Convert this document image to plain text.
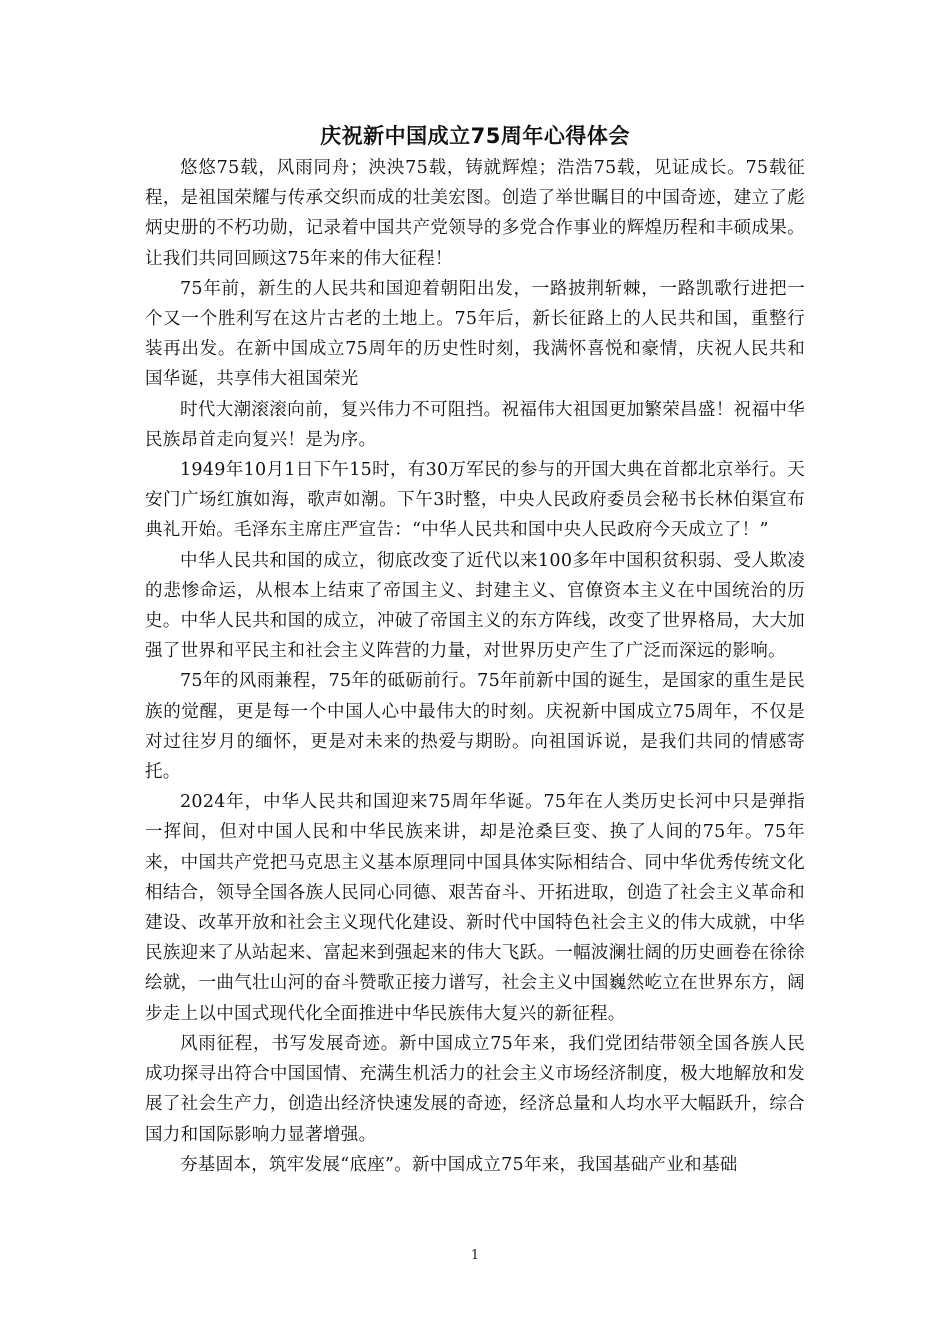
庆祝新中国成立75周年心得体会

悠悠75载，风雨同舟；泱泱75载，铸就辉煌；浩浩75载，见证成长。75载征程，是祖国荣耀与传承交织而成的壮美宏图。创造了举世瞩目的中国奇迹，建立了彪炳史册的不朽功勋，记录着中国共产党领导的多党合作事业的辉煌历程和丰硕成果。让我们共同回顾这75年来的伟大征程！

75年前，新生的人民共和国迎着朝阳出发，一路披荆斩棘，一路凯歌行进把一个又一个胜利写在这片古老的土地上。75年后，新长征路上的人民共和国，重整行装再出发。在新中国成立75周年的历史性时刻，我满怀喜悦和豪情，庆祝人民共和国华诞，共享伟大祖国荣光

时代大潮滚滚向前，复兴伟力不可阻挡。祝福伟大祖国更加繁荣昌盛！祝福中华民族昂首走向复兴！是为序。

1949年10月1日下午15时，有30万军民的参与的开国大典在首都北京举行。天安门广场红旗如海，歌声如潮。下午3时整，中央人民政府委员会秘书长林伯渠宣布典礼开始。毛泽东主席庄严宣告：“中华人民共和国中央人民政府今天成立了！”

中华人民共和国的成立，彻底改变了近代以来100多年中国积贫积弱、受人欺凌的悲惨命运，从根本上结束了帝国主义、封建主义、官僚资本主义在中国统治的历史。中华人民共和国的成立，冲破了帝国主义的东方阵线，改变了世界格局，大大加强了世界和平民主和社会主义阵营的力量，对世界历史产生了广泛而深远的影响。

75年的风雨兼程，75年的砥砺前行。75年前新中国的诞生，是国家的重生是民族的觉醒，更是每一个中国人心中最伟大的时刻。庆祝新中国成立75周年，不仅是对过往岁月的缅怀，更是对未来的热爱与期盼。向祖国诉说，是我们共同的情感寄托。

2024年，中华人民共和国迎来75周年华诞。75年在人类历史长河中只是弹指一挥间，但对中国人民和中华民族来讲，却是沧桑巨变、换了人间的75年。75年来，中国共产党把马克思主义基本原理同中国具体实际相结合、同中华优秀传统文化相结合，领导全国各族人民同心同德、艰苦奋斗、开拓进取，创造了社会主义革命和建设、改革开放和社会主义现代化建设、新时代中国特色社会主义的伟大成就，中华民族迎来了从站起来、富起来到强起来的伟大飞跃。一幅波澜壮阔的历史画卷在徐徐绘就，一曲气壮山河的奋斗赞歌正接力谱写，社会主义中国巍然屹立在世界东方，阔步走上以中国式现代化全面推进中华民族伟大复兴的新征程。

风雨征程，书写发展奇迹。新中国成立75年来，我们党团结带领全国各族人民成功探寻出符合中国国情、充满生机活力的社会主义市场经济制度，极大地解放和发展了社会生产力，创造出经济快速发展的奇迹，经济总量和人均水平大幅跃升，综合国力和国际影响力显著增强。

夯基固本，筑牢发展“底座”。新中国成立75年来，我国基础产业和基础

1
